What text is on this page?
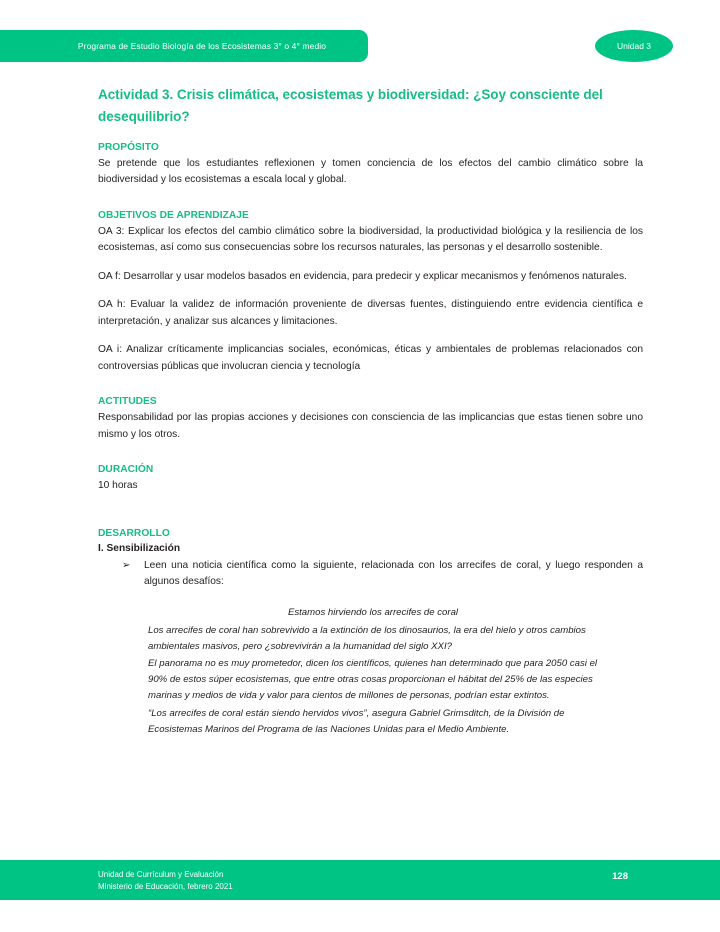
Programa de Estudio Biología de los Ecosistemas 3° o 4° medio	Unidad 3
Actividad 3. Crisis climática, ecosistemas y biodiversidad: ¿Soy consciente del desequilibrio?
PROPÓSITO

Se pretende que los estudiantes reflexionen y tomen conciencia de los efectos del cambio climático sobre la biodiversidad y los ecosistemas a escala local y global.

OBJETIVOS DE APRENDIZAJE

OA 3: Explicar los efectos del cambio climático sobre la biodiversidad, la productividad biológica y la resiliencia de los ecosistemas, así como sus consecuencias sobre los recursos naturales, las personas y el desarrollo sostenible.

OA f: Desarrollar y usar modelos basados en evidencia, para predecir y explicar mecanismos y fenómenos naturales.

OA h: Evaluar la validez de información proveniente de diversas fuentes, distinguiendo entre evidencia científica e interpretación, y analizar sus alcances y limitaciones.

OA i: Analizar críticamente implicancias sociales, económicas, éticas y ambientales de problemas relacionados con controversias públicas que involucran ciencia y tecnología

ACTITUDES

Responsabilidad por las propias acciones y decisiones con consciencia de las implicancias que estas tienen sobre uno mismo y los otros.

DURACIÓN

10 horas

DESARROLLO
I. Sensibilización
➢	Leen una noticia científica como la siguiente, relacionada con los arrecifes de coral, y luego responden a algunos desafíos:
Estamos hirviendo los arrecifes de coral
Los arrecifes de coral han sobrevivido a la extinción de los dinosaurios, la era del hielo y otros cambios ambientales masivos, pero ¿sobrevivirán a la humanidad del siglo XXI?
El panorama no es muy prometedor, dicen los científicos, quienes han determinado que para 2050 casi el 90% de estos súper ecosistemas, que entre otras cosas proporcionan el hábitat del 25% de las especies marinas y medios de vida y valor para cientos de millones de personas, podrían estar extintos.
“Los arrecifes de coral están siendo hervidos vivos”, asegura Gabriel Grimsditch, de la División de Ecosistemas Marinos del Programa de las Naciones Unidas para el Medio Ambiente.
Unidad de Currículum y Evaluación
Ministerio de Educación, febrero 2021
128
